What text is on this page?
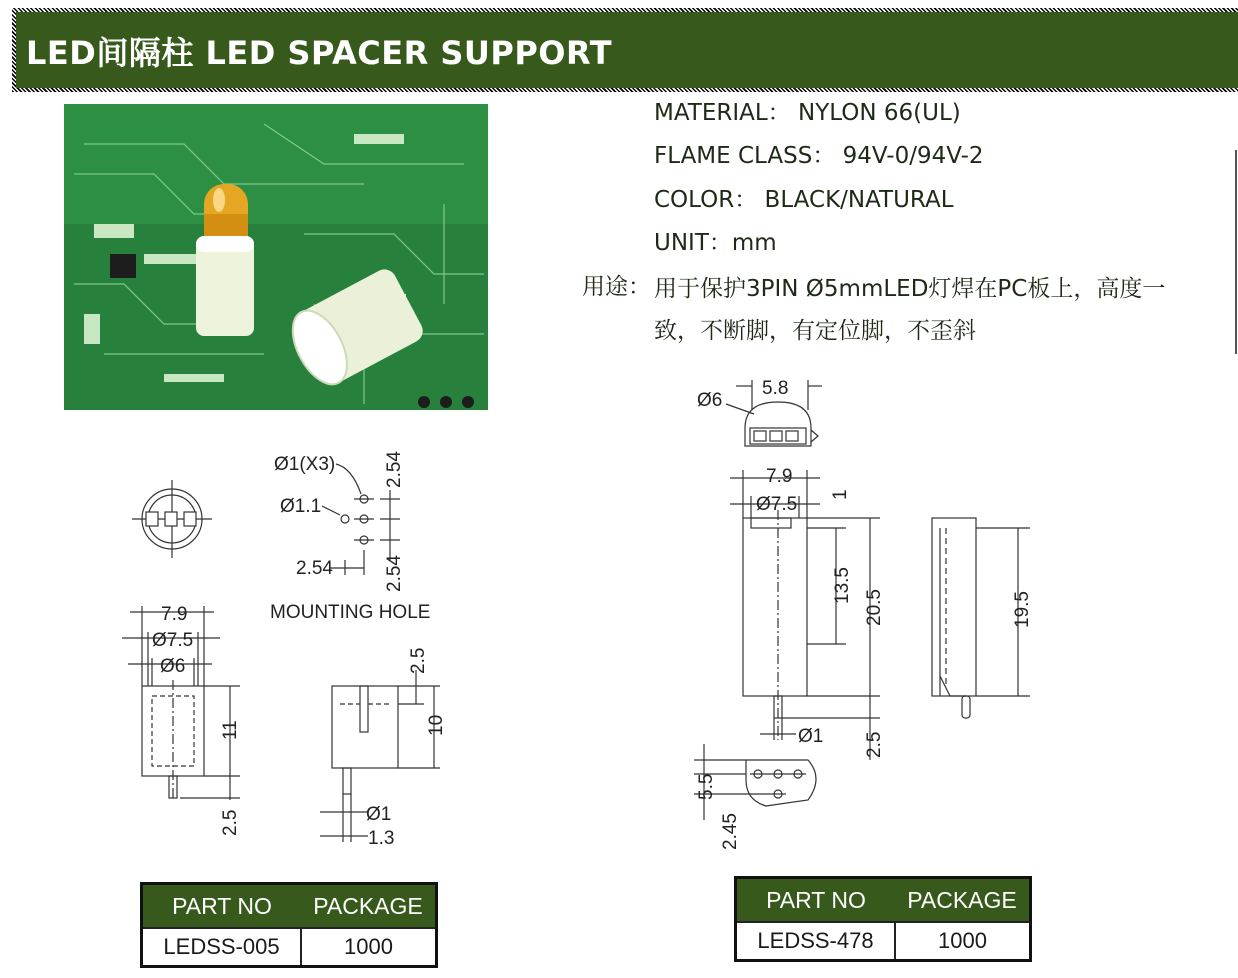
LED间隔柱 LED SPACER SUPPORT
MATERIAL： NYLON 66(UL)
FLAME CLASS： 94V-0/94V-2
COLOR： BLACK/NATURAL
UNIT：mm
用途： 用于保护3PIN Ø5mmLED灯焊在PC板上，高度一致，不断脚，有定位脚，不歪斜
Ø1(X3)
Ø1.1
2.54
2.54
2.54
MOUNTING HOLE
7.9
Ø7.5
Ø6
11
2.5
2.5
10
Ø1
1.3
Ø6
5.8
7.9
Ø7.5 1
13.5
20.5	19.5
Ø1 2.5
5.5
2.45
PART NO	PACKAGE
LEDSS-005	1000
PART NO	PACKAGE
LEDSS-478	1000
